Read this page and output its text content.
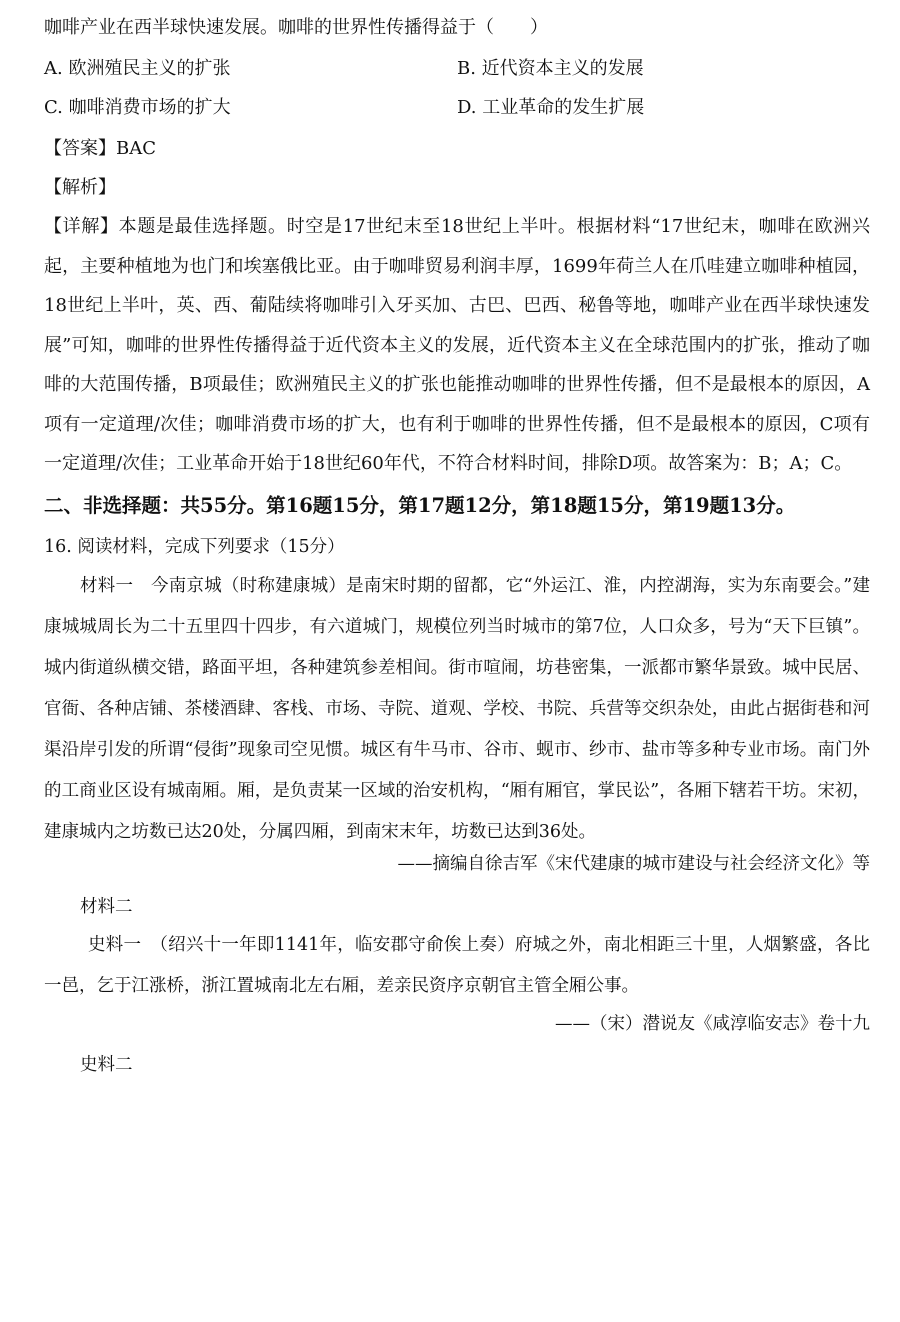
咖啡产业在西半球快速发展。咖啡的世界性传播得益于（　　）
A. 欧洲殖民主义的扩张	B. 近代资本主义的发展
C. 咖啡消费市场的扩大	D. 工业革命的发生扩展
【答案】BAC
【解析】

【详解】本题是最佳选择题。时空是17世纪末至18世纪上半叶。根据材料“17世纪末，咖啡在欧洲兴起，主要种植地为也门和埃塞俄比亚。由于咖啡贸易利润丰厚，1699年荷兰人在爪哇建立咖啡种植园，18世纪上半叶，英、西、葡陆续将咖啡引入牙买加、古巴、巴西、秘鲁等地，咖啡产业在西半球快速发展”可知，咖啡的世界性传播得益于近代资本主义的发展，近代资本主义在全球范围内的扩张，推动了咖啡的大范围传播，B项最佳；欧洲殖民主义的扩张也能推动咖啡的世界性传播，但不是最根本的原因，A项有一定道理/次佳；咖啡消费市场的扩大，也有利于咖啡的世界性传播，但不是最根本的原因，C项有一定道理/次佳；工业革命开始于18世纪60年代，不符合材料时间，排除D项。故答案为：B；A；C。

二、非选择题：共55分。第16题15分，第17题12分，第18题15分，第19题13分。
16. 阅读材料，完成下列要求（15分）

材料一　今南京城（时称建康城）是南宋时期的留都，它“外运江、淮，内控湖海，实为东南要会。”建康城城周长为二十五里四十四步，有六道城门，规模位列当时城市的第7位，人口众多，号为“天下巨镇”。城内街道纵横交错，路面平坦，各种建筑参差相间。街市喧闹，坊巷密集，一派都市繁华景致。城中民居、官衙、各种店铺、茶楼酒肆、客栈、市场、寺院、道观、学校、书院、兵营等交织杂处，由此占据街巷和河渠沿岸引发的所谓“侵街”现象司空见惯。城区有牛马市、谷市、蚬市、纱市、盐市等多种专业市场。南门外的工商业区设有城南厢。厢，是负责某一区域的治安机构，“厢有厢官，掌民讼”，各厢下辖若干坊。宋初，建康城内之坊数已达20处，分属四厢，到南宋末年，坊数已达到36处。

——摘编自徐吉军《宋代建康的城市建设与社会经济文化》等
材料二

史料一　（绍兴十一年即1141年，临安郡守俞俟上奏）府城之外，南北相距三十里，人烟繁盛，各比一邑，乞于江涨桥，浙江置城南北左右厢，差亲民资序京朝官主管全厢公事。

——（宋）潜说友《咸淳临安志》卷十九
史料二
